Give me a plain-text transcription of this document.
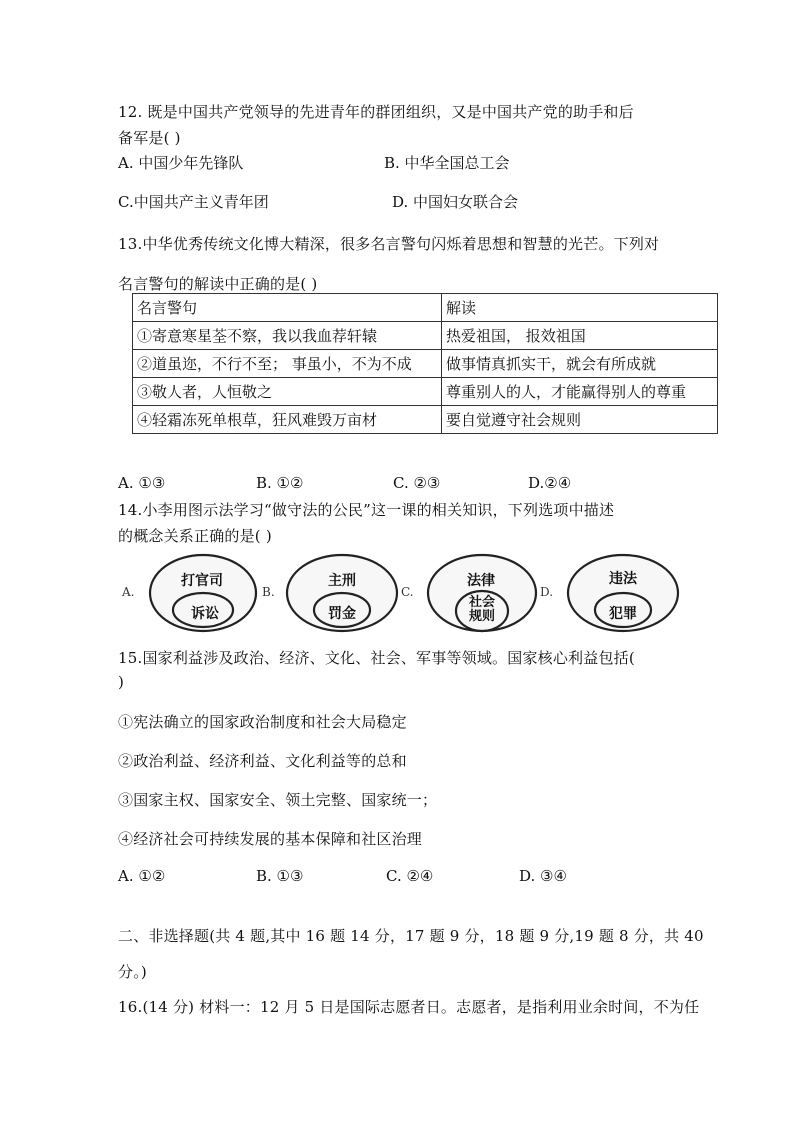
12. 既是中国共产党领导的先进青年的群团组织，又是中国共产党的助手和后
备军是( )
A. 中国少年先锋队	B. 中华全国总工会
C.中国共产主义青年团	D. 中国妇女联合会
13.中华优秀传统文化博大精深，很多名言警句闪烁着思想和智慧的光芒。下列对
名言警句的解读中正确的是( )
名言警句	解读
①寄意寒星荃不察，我以我血荐轩辕	热爱祖国， 报效祖国
②道虽迩，不行不至； 事虽小，不为不成	做事情真抓实干，就会有所成就
③敬人者，人恒敬之	尊重别人的人，才能赢得别人的尊重
④轻霜冻死单根草，狂风难毁万亩材	要自觉遵守社会规则
A. ①③	B. ①②	C. ②③	D.②④
14.小李用图示法学习“做守法的公民”这一课的相关知识，下列选项中描述
的概念关系正确的是( )
A.
打官司
诉讼
B.
主刑
罚金
C.
法律
社会规则
D.
违法
犯罪
15.国家利益涉及政治、经济、文化、社会、军事等领域。国家核心利益包括(
)
①宪法确立的国家政治制度和社会大局稳定
②政治利益、经济利益、文化利益等的总和
③国家主权、国家安全、领土完整、国家统一；
④经济社会可持续发展的基本保障和社区治理
A. ①②	B. ①③	C. ②④	D. ③④
二、非选择题(共 4 题,其中 16 题 14 分，17 题 9 分，18 题 9 分,19 题 8 分，共 40
分。)
16.(14 分) 材料一：12 月 5 日是国际志愿者日。志愿者，是指利用业余时间，不为任
